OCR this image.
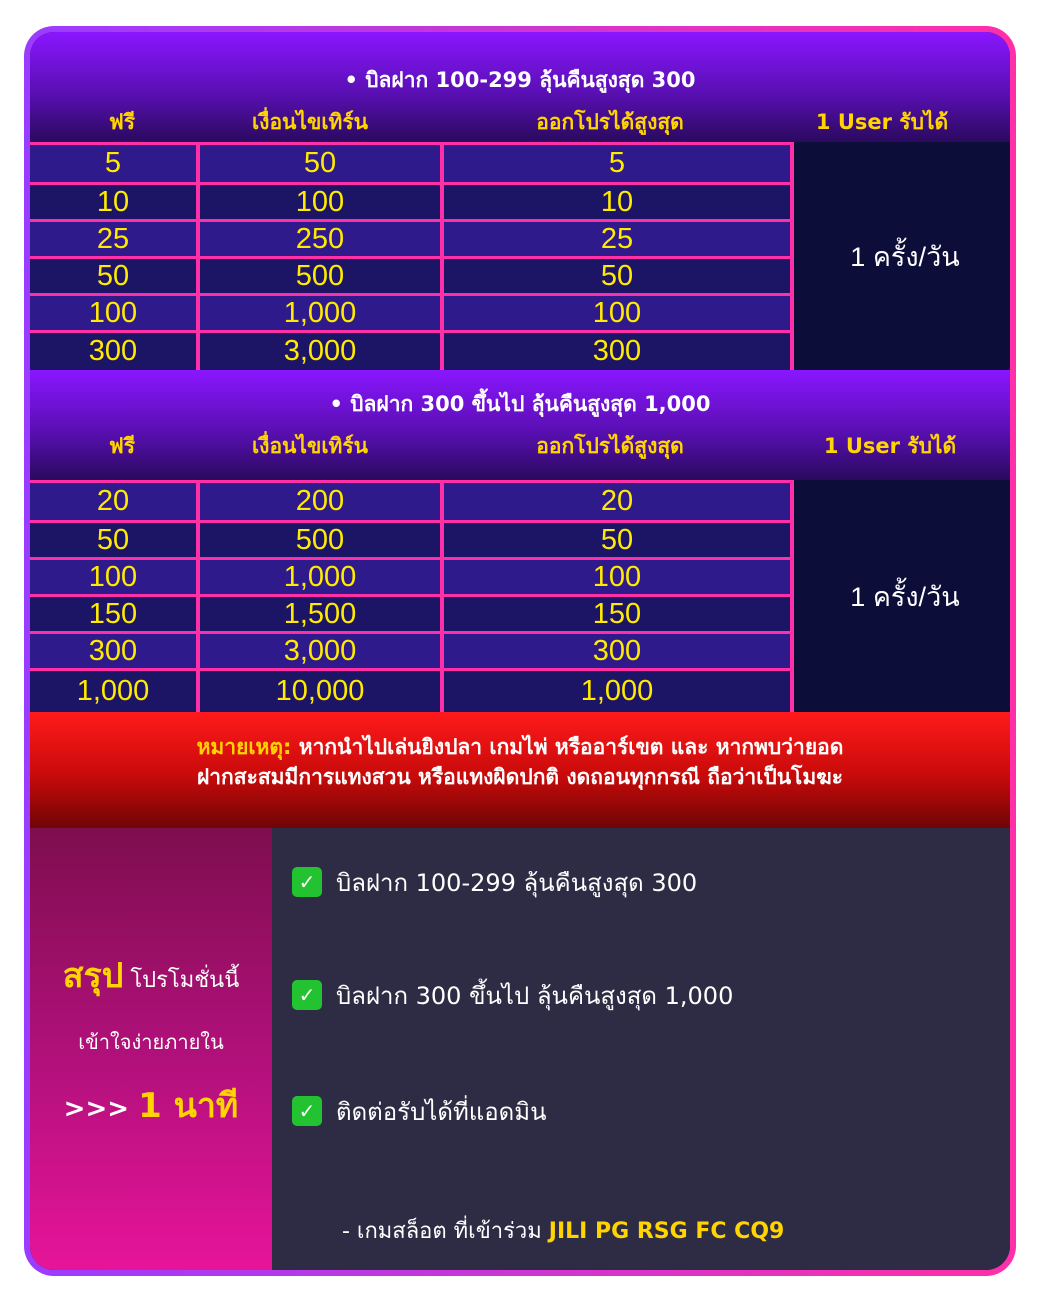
• บิลฝาก 100-299 ลุ้นคืนสูงสุด 300
ฟรี	เงื่อนไขเทิร์น	ออกโปรได้สูงสุด	1 User รับได้
5	50	5
10	100	10
25	250	25
50	500	50
100	1,000	100
300	3,000	300
1 ครั้ง/วัน
• บิลฝาก 300 ขึ้นไป ลุ้นคืนสูงสุด 1,000
ฟรี	เงื่อนไขเทิร์น	ออกโปรได้สูงสุด	1 User รับได้
20	200	20
50	500	50
100	1,000	100
150	1,500	150
300	3,000	300
1,000	10,000	1,000
1 ครั้ง/วัน
หมายเหตุ: หากนำไปเล่นยิงปลา เกมไพ่ หรืออาร์เขต และ หากพบว่ายอด
ฝากสะสมมีการแทงสวน หรือแทงผิดปกติ งดถอนทุกกรณี ถือว่าเป็นโมฆะ
สรุป โปรโมชั่นนี้
เข้าใจง่ายภายใน
>>> 1 นาที
✓ บิลฝาก 100-299 ลุ้นคืนสูงสุด 300
✓ บิลฝาก 300 ขึ้นไป ลุ้นคืนสูงสุด 1,000
✓ ติดต่อรับได้ที่แอดมิน
- เกมสล็อต ที่เข้าร่วม JILI PG RSG FC CQ9
